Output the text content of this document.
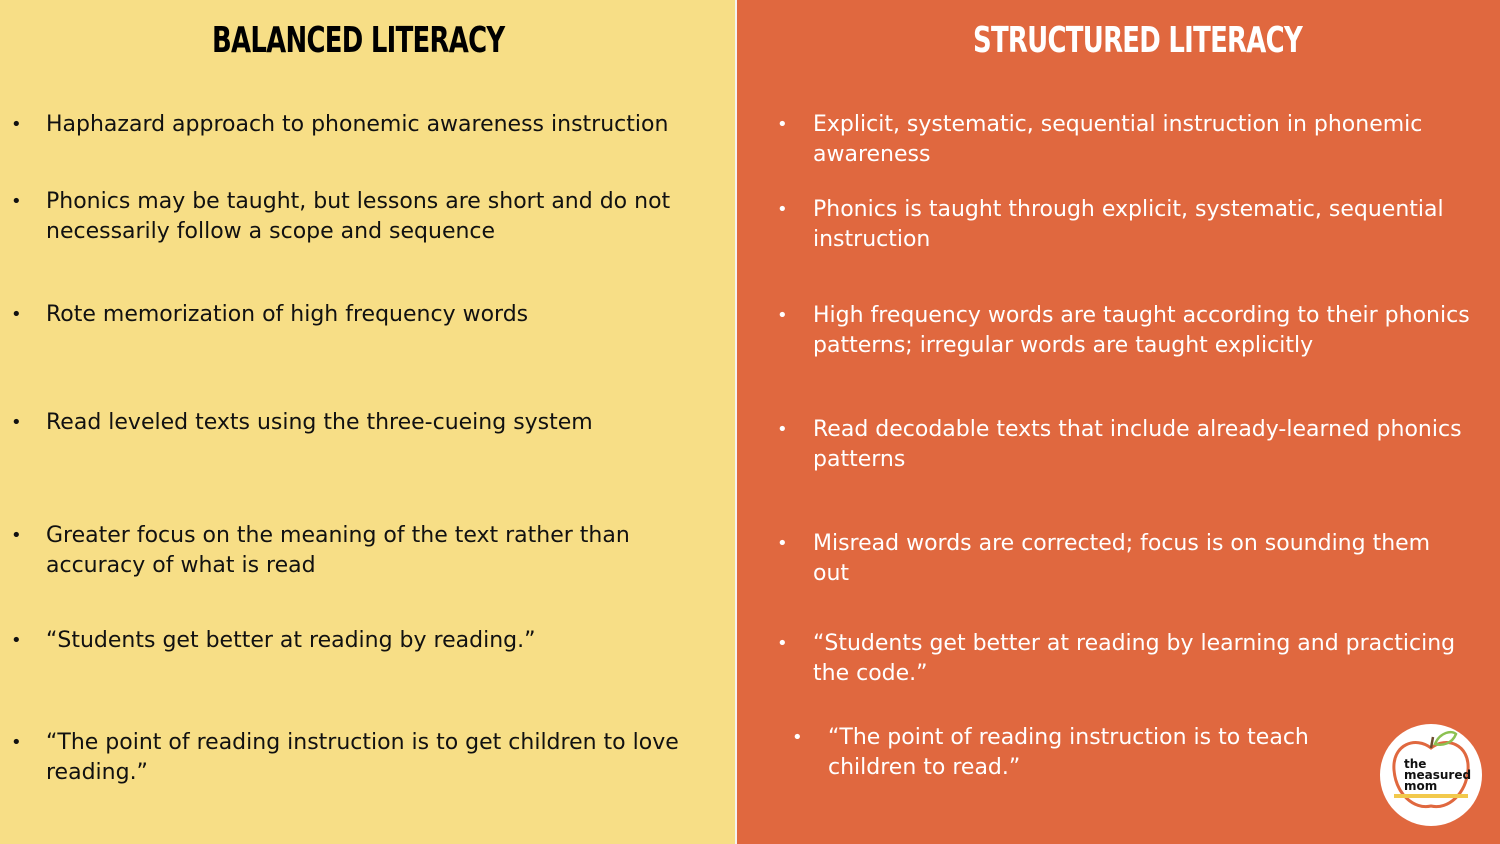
BALANCED LITERACY
• Haphazard approach to phonemic awareness instruction

• Phonics may be taught, but lessons are short and do not necessarily follow a scope and sequence

• Rote memorization of high frequency words

• Read leveled texts using the three-cueing system

• Greater focus on the meaning of the text rather than accuracy of what is read

• “Students get better at reading by reading.”

• “The point of reading instruction is to get children to love reading.”

STRUCTURED LITERACY
• Explicit, systematic, sequential instruction in phonemic awareness

• Phonics is taught through explicit, systematic, sequential instruction

• High frequency words are taught according to their phonics patterns; irregular words are taught explicitly

• Read decodable texts that include already-learned phonics patterns

• Misread words are corrected; focus is on sounding them out

• “Students get better at reading by learning and practicing the code.”

• “The point of reading instruction is to teach children to read.”	the
measured
mom
